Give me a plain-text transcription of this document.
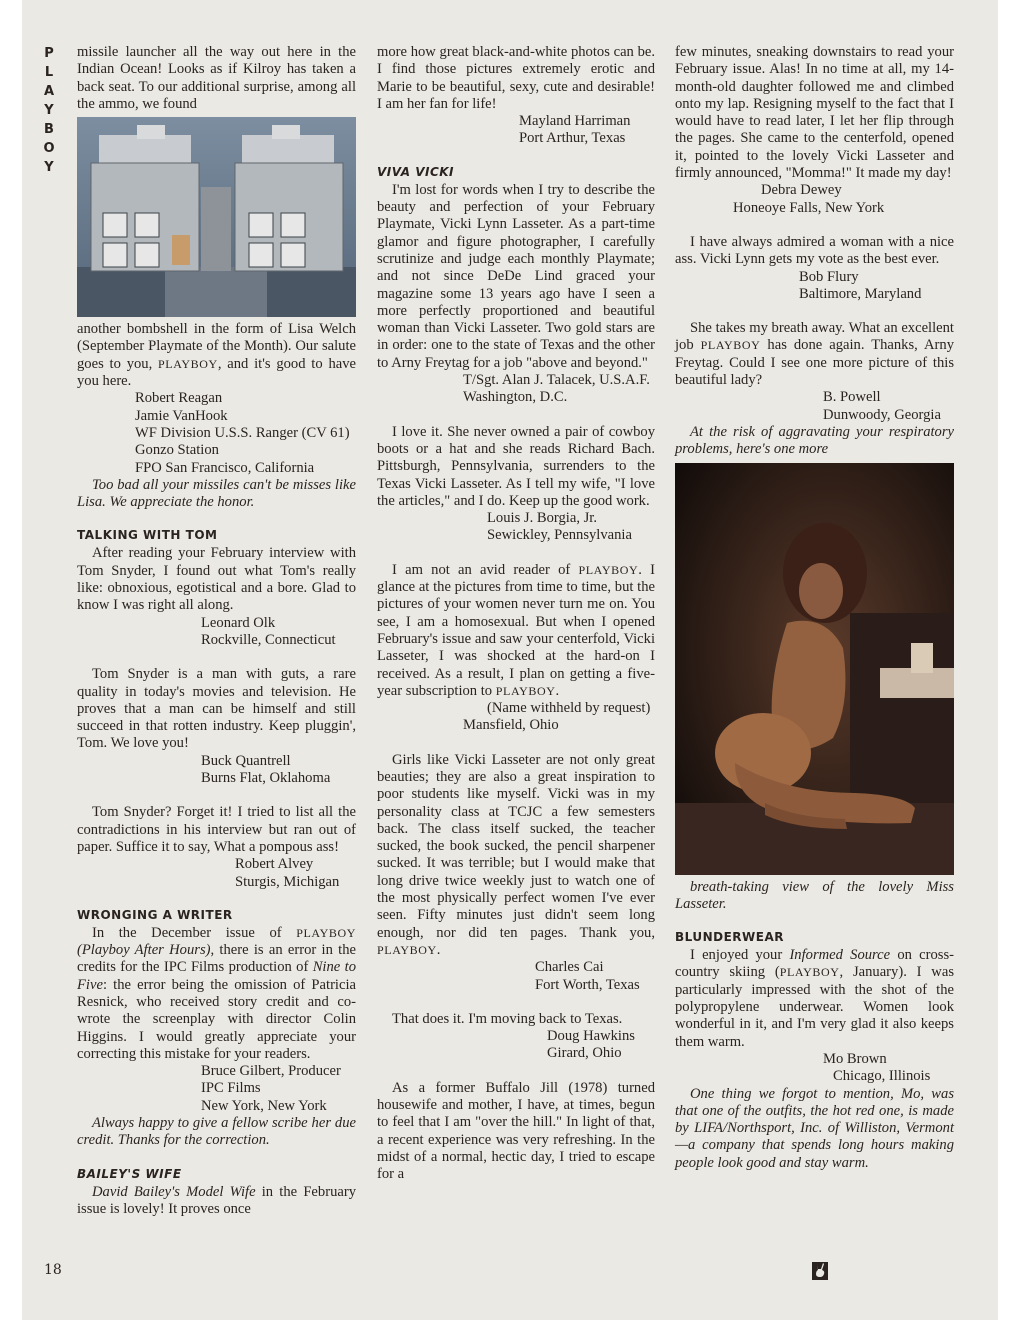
P
L
A
Y
B
O
Y

missile launcher all the way out here in the Indian Ocean! Looks as if Kilroy has taken a back seat. To our additional surprise, among all the ammo, we found

another bombshell in the form of Lisa Welch (September Playmate of the Month). Our salute goes to you, PLAYBOY, and it's good to have you here.

Robert Reagan

Jamie VanHook

WF Division U.S.S. Ranger (CV 61)

Gonzo Station

FPO San Francisco, California

Too bad all your missiles can't be misses like Lisa. We appreciate the honor.

TALKING WITH TOM

After reading your February interview with Tom Snyder, I found out what Tom's really like: obnoxious, egotistical and a bore. Glad to know I was right all along.

Leonard Olk

Rockville, Connecticut

Tom Snyder is a man with guts, a rare quality in today's movies and television. He proves that a man can be himself and still succeed in that rotten industry. Keep pluggin', Tom. We love you!

Buck Quantrell

Burns Flat, Oklahoma

Tom Snyder? Forget it! I tried to list all the contradictions in his interview but ran out of paper. Suffice it to say, What a pompous ass!

Robert Alvey

Sturgis, Michigan

WRONGING A WRITER

In the December issue of PLAYBOY (Playboy After Hours), there is an error in the credits for the IPC Films production of Nine to Five: the error being the omission of Patricia Resnick, who received story credit and co-wrote the screenplay with director Colin Higgins. I would greatly appreciate your correcting this mistake for your readers.

Bruce Gilbert, Producer

IPC Films

New York, New York

Always happy to give a fellow scribe her due credit. Thanks for the correction.

BAILEY'S WIFE

David Bailey's Model Wife in the February issue is lovely! It proves once

more how great black-and-white photos can be. I find those pictures extremely erotic and Marie to be beautiful, sexy, cute and desirable! I am her fan for life!

Mayland Harriman

Port Arthur, Texas

VIVA VICKI

I'm lost for words when I try to describe the beauty and perfection of your February Playmate, Vicki Lynn Lasseter. As a part-time glamor and figure photographer, I carefully scrutinize and judge each monthly Playmate; and not since DeDe Lind graced your magazine some 13 years ago have I seen a more perfectly proportioned and beautiful woman than Vicki Lasseter. Two gold stars are in order: one to the state of Texas and the other to Arny Freytag for a job "above and beyond."

T/Sgt. Alan J. Talacek, U.S.A.F.

Washington, D.C.

I love it. She never owned a pair of cowboy boots or a hat and she reads Richard Bach. Pittsburgh, Pennsylvania, surrenders to the Texas Vicki Lasseter. As I tell my wife, "I love the articles," and I do. Keep up the good work.

Louis J. Borgia, Jr.

Sewickley, Pennsylvania

I am not an avid reader of PLAYBOY. I glance at the pictures from time to time, but the pictures of your women never turn me on. You see, I am a homosexual. But when I opened February's issue and saw your centerfold, Vicki Lasseter, I was shocked at the hard-on I received. As a result, I plan on getting a five-year subscription to PLAYBOY.

(Name withheld by request)

Mansfield, Ohio

Girls like Vicki Lasseter are not only great beauties; they are also a great inspiration to poor students like myself. Vicki was in my personality class at TCJC a few semesters back. The class itself sucked, the teacher sucked, the book sucked, the pencil sharpener sucked. It was terrible; but I would make that long drive twice weekly just to watch one of the most physically perfect women I've ever seen. Fifty minutes just didn't seem long enough, nor did ten pages. Thank you, PLAYBOY.

Charles Cai

Fort Worth, Texas

That does it. I'm moving back to Texas.

Doug Hawkins

Girard, Ohio

As a former Buffalo Jill (1978) turned housewife and mother, I have, at times, begun to feel that I am "over the hill." In light of that, a recent experience was very refreshing. In the midst of a normal, hectic day, I tried to escape for a

few minutes, sneaking downstairs to read your February issue. Alas! In no time at all, my 14-month-old daughter followed me and climbed onto my lap. Resigning myself to the fact that I would have to read later, I let her flip through the pages. She came to the centerfold, opened it, pointed to the lovely Vicki Lasseter and firmly announced, "Momma!" It made my day!

Debra Dewey

Honeoye Falls, New York

I have always admired a woman with a nice ass. Vicki Lynn gets my vote as the best ever.

Bob Flury

Baltimore, Maryland

She takes my breath away. What an excellent job PLAYBOY has done again. Thanks, Arny Freytag. Could I see one more picture of this beautiful lady?

B. Powell

Dunwoody, Georgia

At the risk of aggravating your respiratory problems, here's one more

breath-taking view of the lovely Miss Lasseter.

BLUNDERWEAR

I enjoyed your Informed Source on cross-country skiing (PLAYBOY, January). I was particularly impressed with the shot of the polypropylene underwear. Women look wonderful in it, and I'm very glad it also keeps them warm.

Mo Brown

Chicago, Illinois

One thing we forgot to mention, Mo, was that one of the outfits, the hot red one, is made by LIFA/Northsport, Inc. of Williston, Vermont—a company that spends long hours making people look good and stay warm.

18
